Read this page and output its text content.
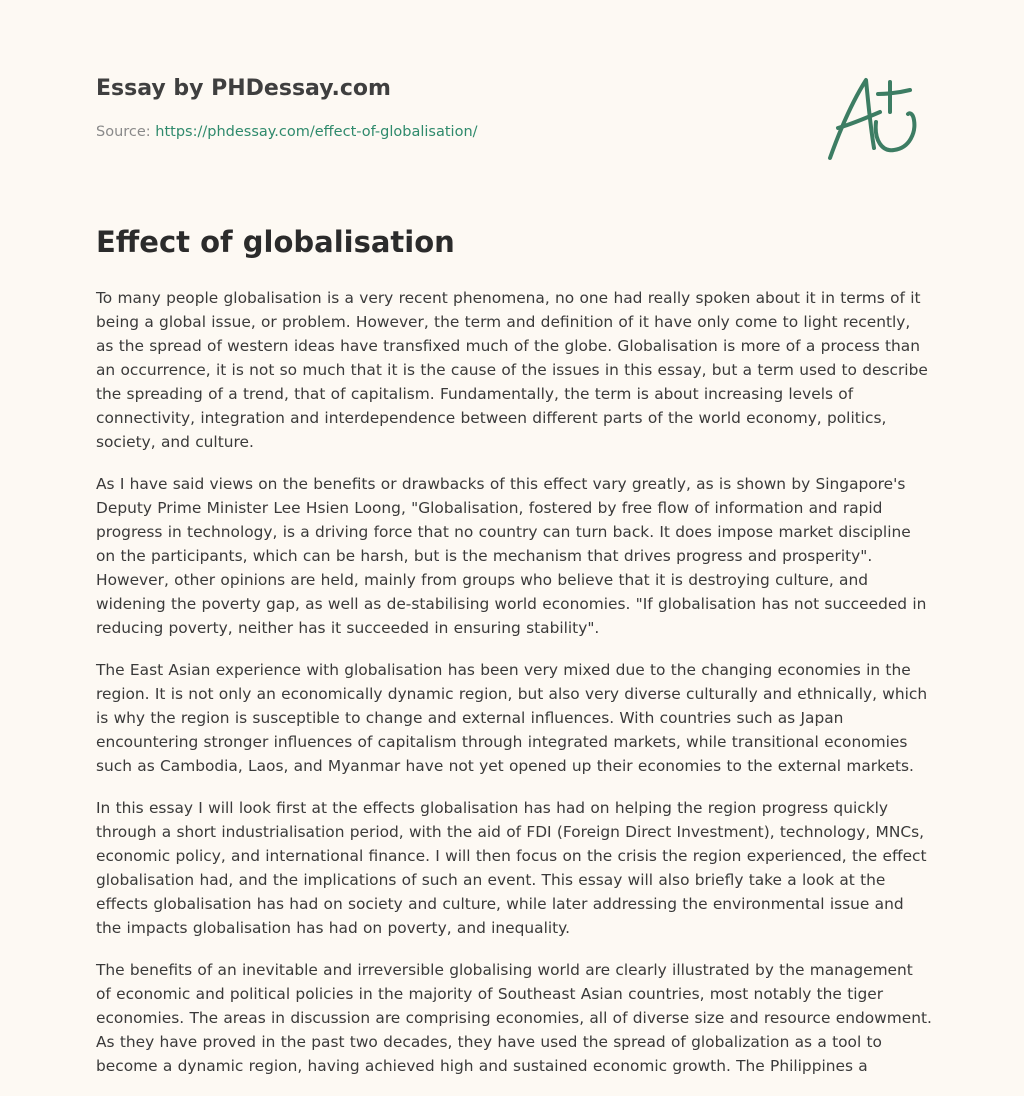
Essay by PHDessay.com
Source: https://phdessay.com/effect-of-globalisation/
Effect of globalisation

To many people globalisation is a very recent phenomena, no one had really spoken about it in terms of it being a global issue, or problem. However, the term and definition of it have only come to light recently, as the spread of western ideas have transfixed much of the globe. Globalisation is more of a process than an occurrence, it is not so much that it is the cause of the issues in this essay, but a term used to describe the spreading of a trend, that of capitalism. Fundamentally, the term is about increasing levels of connectivity, integration and interdependence between different parts of the world economy, politics, society, and culture.

As I have said views on the benefits or drawbacks of this effect vary greatly, as is shown by Singapore's Deputy Prime Minister Lee Hsien Loong, "Globalisation, fostered by free flow of information and rapid progress in technology, is a driving force that no country can turn back. It does impose market discipline on the participants, which can be harsh, but is the mechanism that drives progress and prosperity". However, other opinions are held, mainly from groups who believe that it is destroying culture, and widening the poverty gap, as well as de-stabilising world economies. "If globalisation has not succeeded in reducing poverty, neither has it succeeded in ensuring stability".

The East Asian experience with globalisation has been very mixed due to the changing economies in the region. It is not only an economically dynamic region, but also very diverse culturally and ethnically, which is why the region is susceptible to change and external influences. With countries such as Japan encountering stronger influences of capitalism through integrated markets, while transitional economies such as Cambodia, Laos, and Myanmar have not yet opened up their economies to the external markets.

In this essay I will look first at the effects globalisation has had on helping the region progress quickly through a short industrialisation period, with the aid of FDI (Foreign Direct Investment), technology, MNCs, economic policy, and international finance. I will then focus on the crisis the region experienced, the effect globalisation had, and the implications of such an event. This essay will also briefly take a look at the effects globalisation has had on society and culture, while later addressing the environmental issue and the impacts globalisation has had on poverty, and inequality.

The benefits of an inevitable and irreversible globalising world are clearly illustrated by the management of economic and political policies in the majority of Southeast Asian countries, most notably the tiger economies. The areas in discussion are comprising economies, all of diverse size and resource endowment. As they have proved in the past two decades, they have used the spread of globalization as a tool to become a dynamic region, having achieved high and sustained economic growth. The Philippines a
